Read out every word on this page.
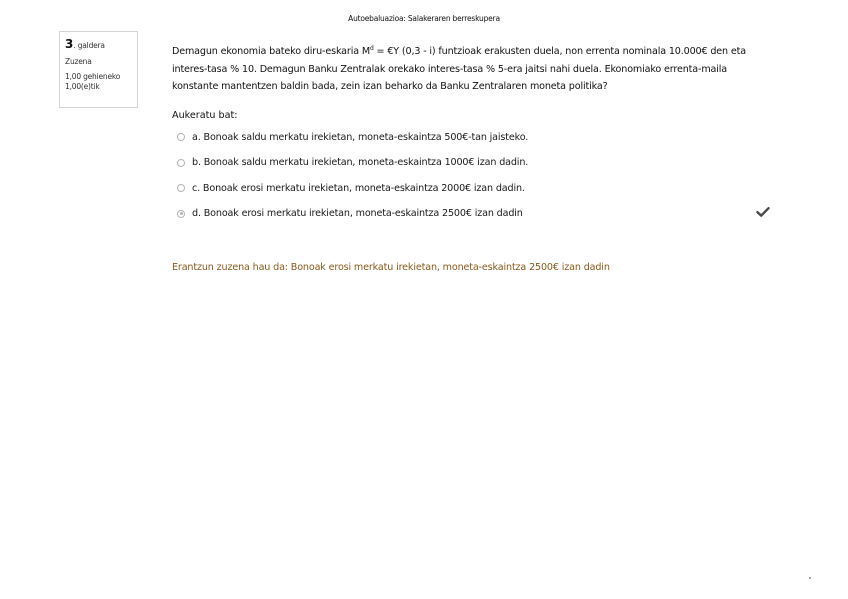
Autoebaluazioa: Salakeraren berreskupera
3. galdera
Zuzena
1,00 gehieneko
1,00(e)tik

Demagun ekonomia bateko diru-eskaria $M^d$ = €Y (0,3 - i) funtzioak erakusten duela, non errenta nominala 10.000€ den eta interes-tasa % 10. Demagun Banku Zentralak orekako interes-tasa % 5-era jaitsi nahi duela. Ekonomiako errenta-maila konstante mantentzen baldin bada, zein izan beharko da Banku Zentralaren moneta politika?

Aukeratu bat:
a. Bonoak saldu merkatu irekietan, moneta-eskaintza 500€-tan jaisteko.
b. Bonoak saldu merkatu irekietan, moneta-eskaintza 1000€ izan dadin.
c. Bonoak erosi merkatu irekietan, moneta-eskaintza 2000€ izan dadin.
d. Bonoak erosi merkatu irekietan, moneta-eskaintza 2500€ izan dadin
Erantzun zuzena hau da: Bonoak erosi merkatu irekietan, moneta-eskaintza 2500€ izan dadin
